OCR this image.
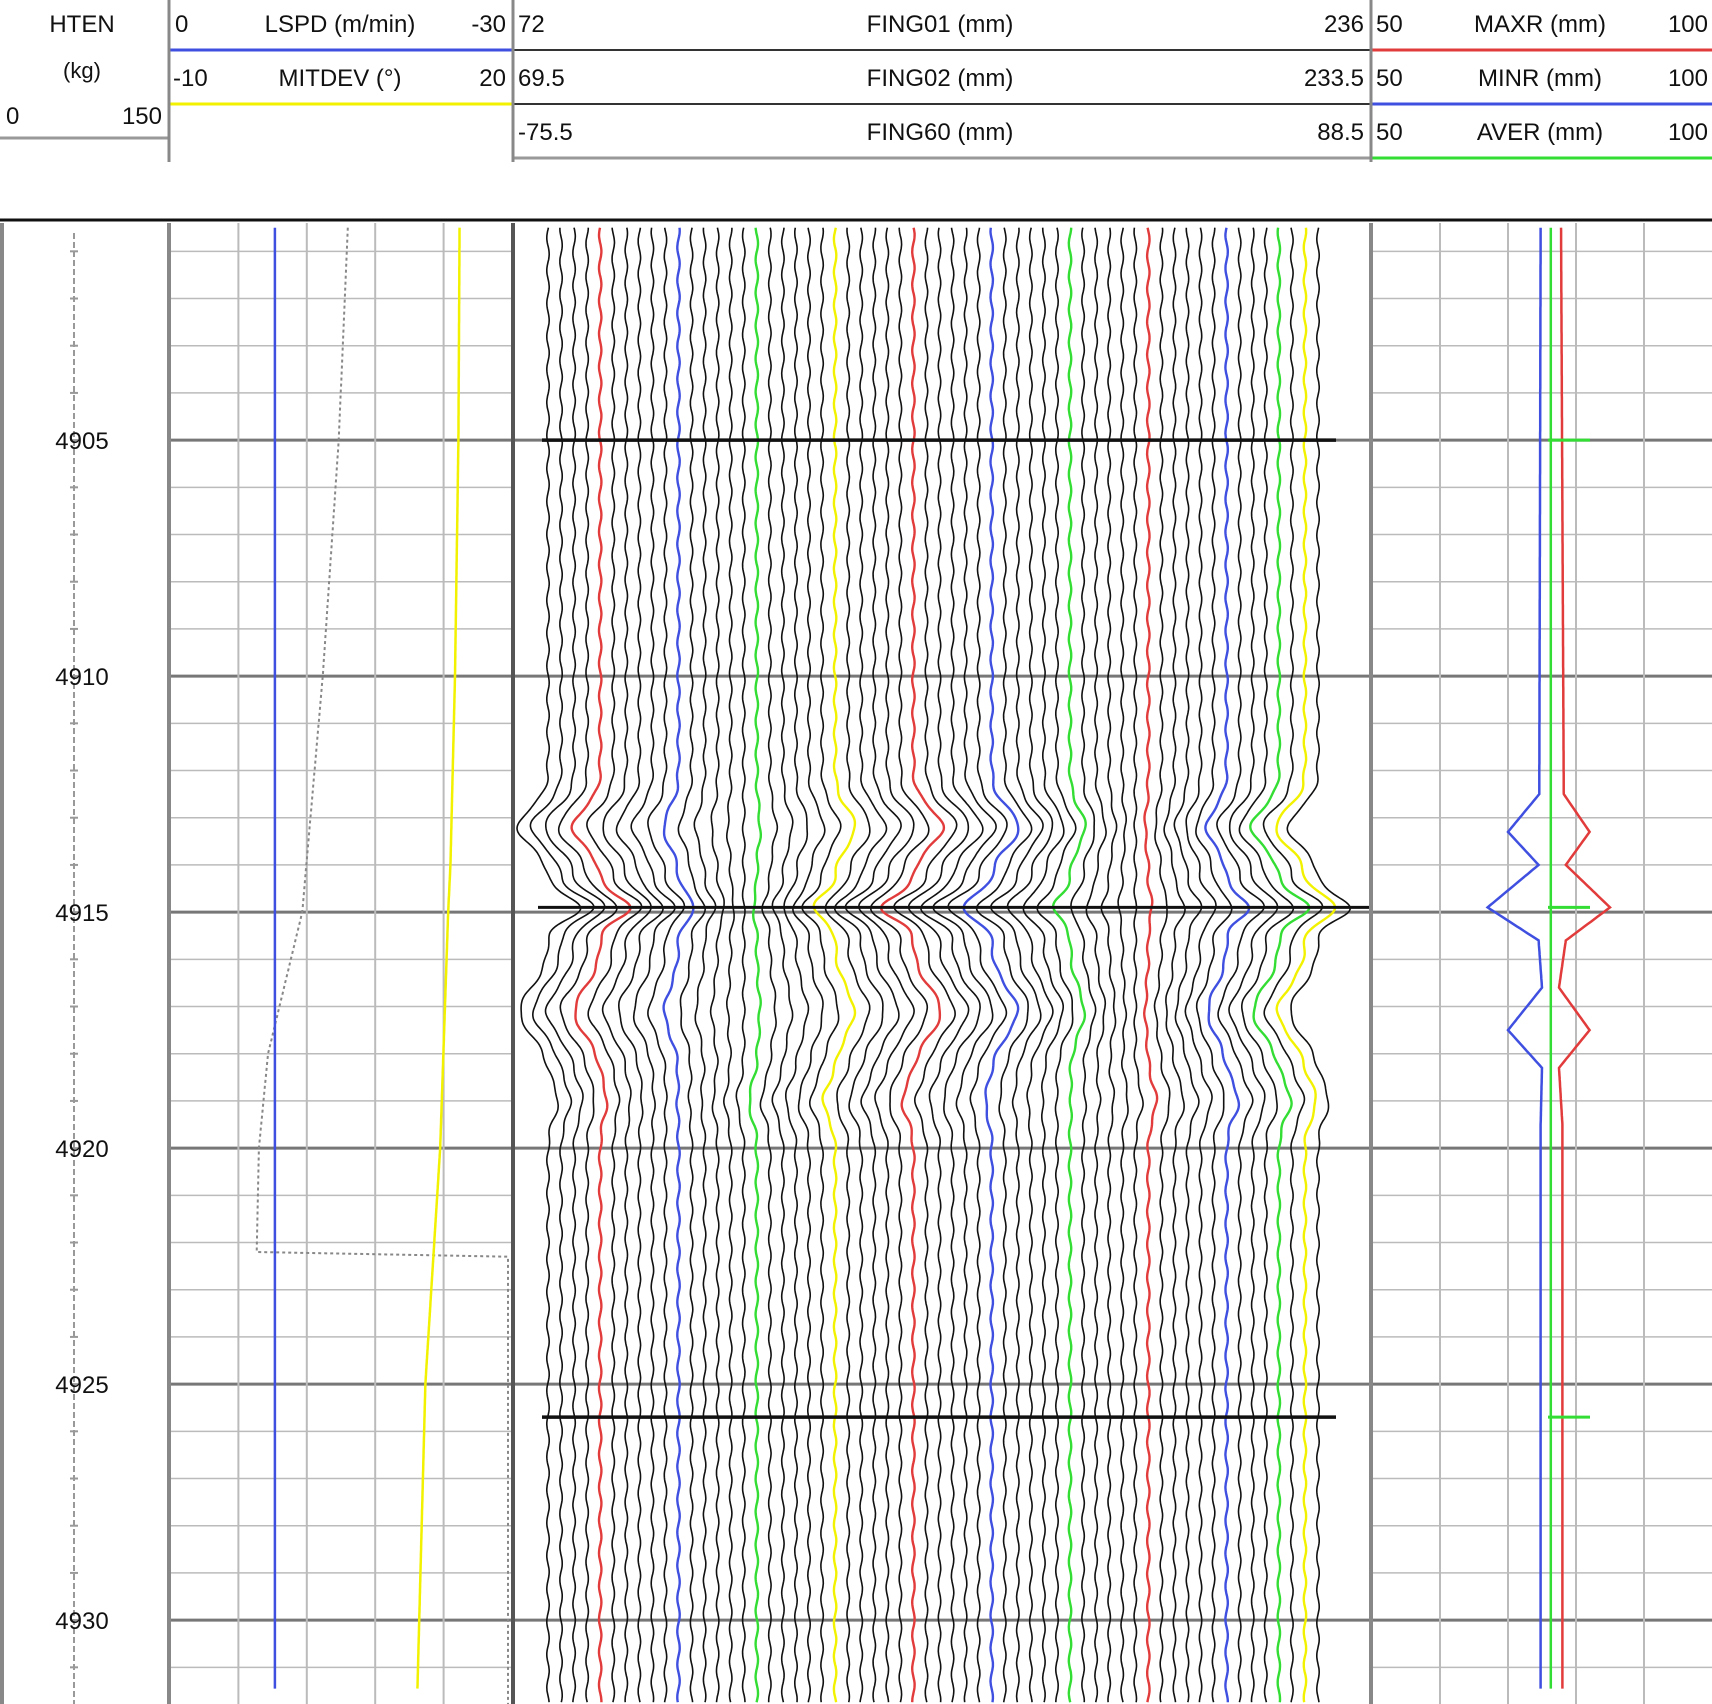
HTEN
(kg)
0	150
0	LSPD (m/min) -30
-10	MITDEV (°)	20
72	FING01 (mm)	236
69.5	FING02 (mm)	233.5
-75.5	FING60 (mm)	88.5
50	MAXR (mm)	100
50	MINR (mm)	100
50	AVER (mm)	100
4905
4910
4915
4920
4925
4930
